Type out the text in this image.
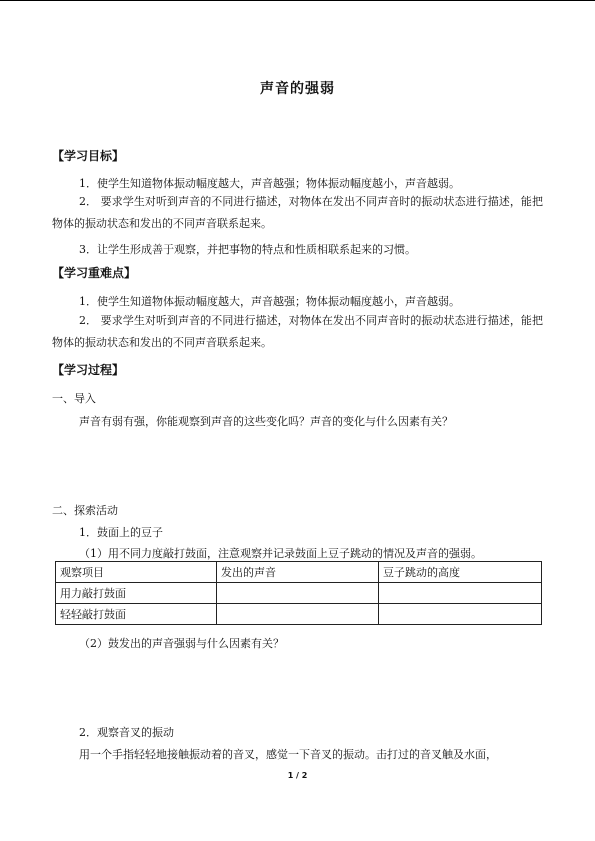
声音的强弱
【学习目标】
1．使学生知道物体振动幅度越大，声音越强；物体振动幅度越小，声音越弱。
2． 要求学生对听到声音的不同进行描述，对物体在发出不同声音时的振动状态进行描述，能把物体的振动状态和发出的不同声音联系起来。
3．让学生形成善于观察，并把事物的特点和性质相联系起来的习惯。
【学习重难点】
1．使学生知道物体振动幅度越大，声音越强；物体振动幅度越小，声音越弱。
2． 要求学生对听到声音的不同进行描述，对物体在发出不同声音时的振动状态进行描述，能把物体的振动状态和发出的不同声音联系起来。
【学习过程】
一、导入
声音有弱有强，你能观察到声音的这些变化吗？声音的变化与什么因素有关？
二、探索活动
1．鼓面上的豆子
（1）用不同力度敲打鼓面，注意观察并记录鼓面上豆子跳动的情况及声音的强弱。
观察项目	发出的声音	豆子跳动的高度
用力敲打鼓面		
轻轻敲打鼓面		
（2）鼓发出的声音强弱与什么因素有关？
2．观察音叉的振动
用一个手指轻轻地接触振动着的音叉，感觉一下音叉的振动。击打过的音叉触及水面，
1 / 2
